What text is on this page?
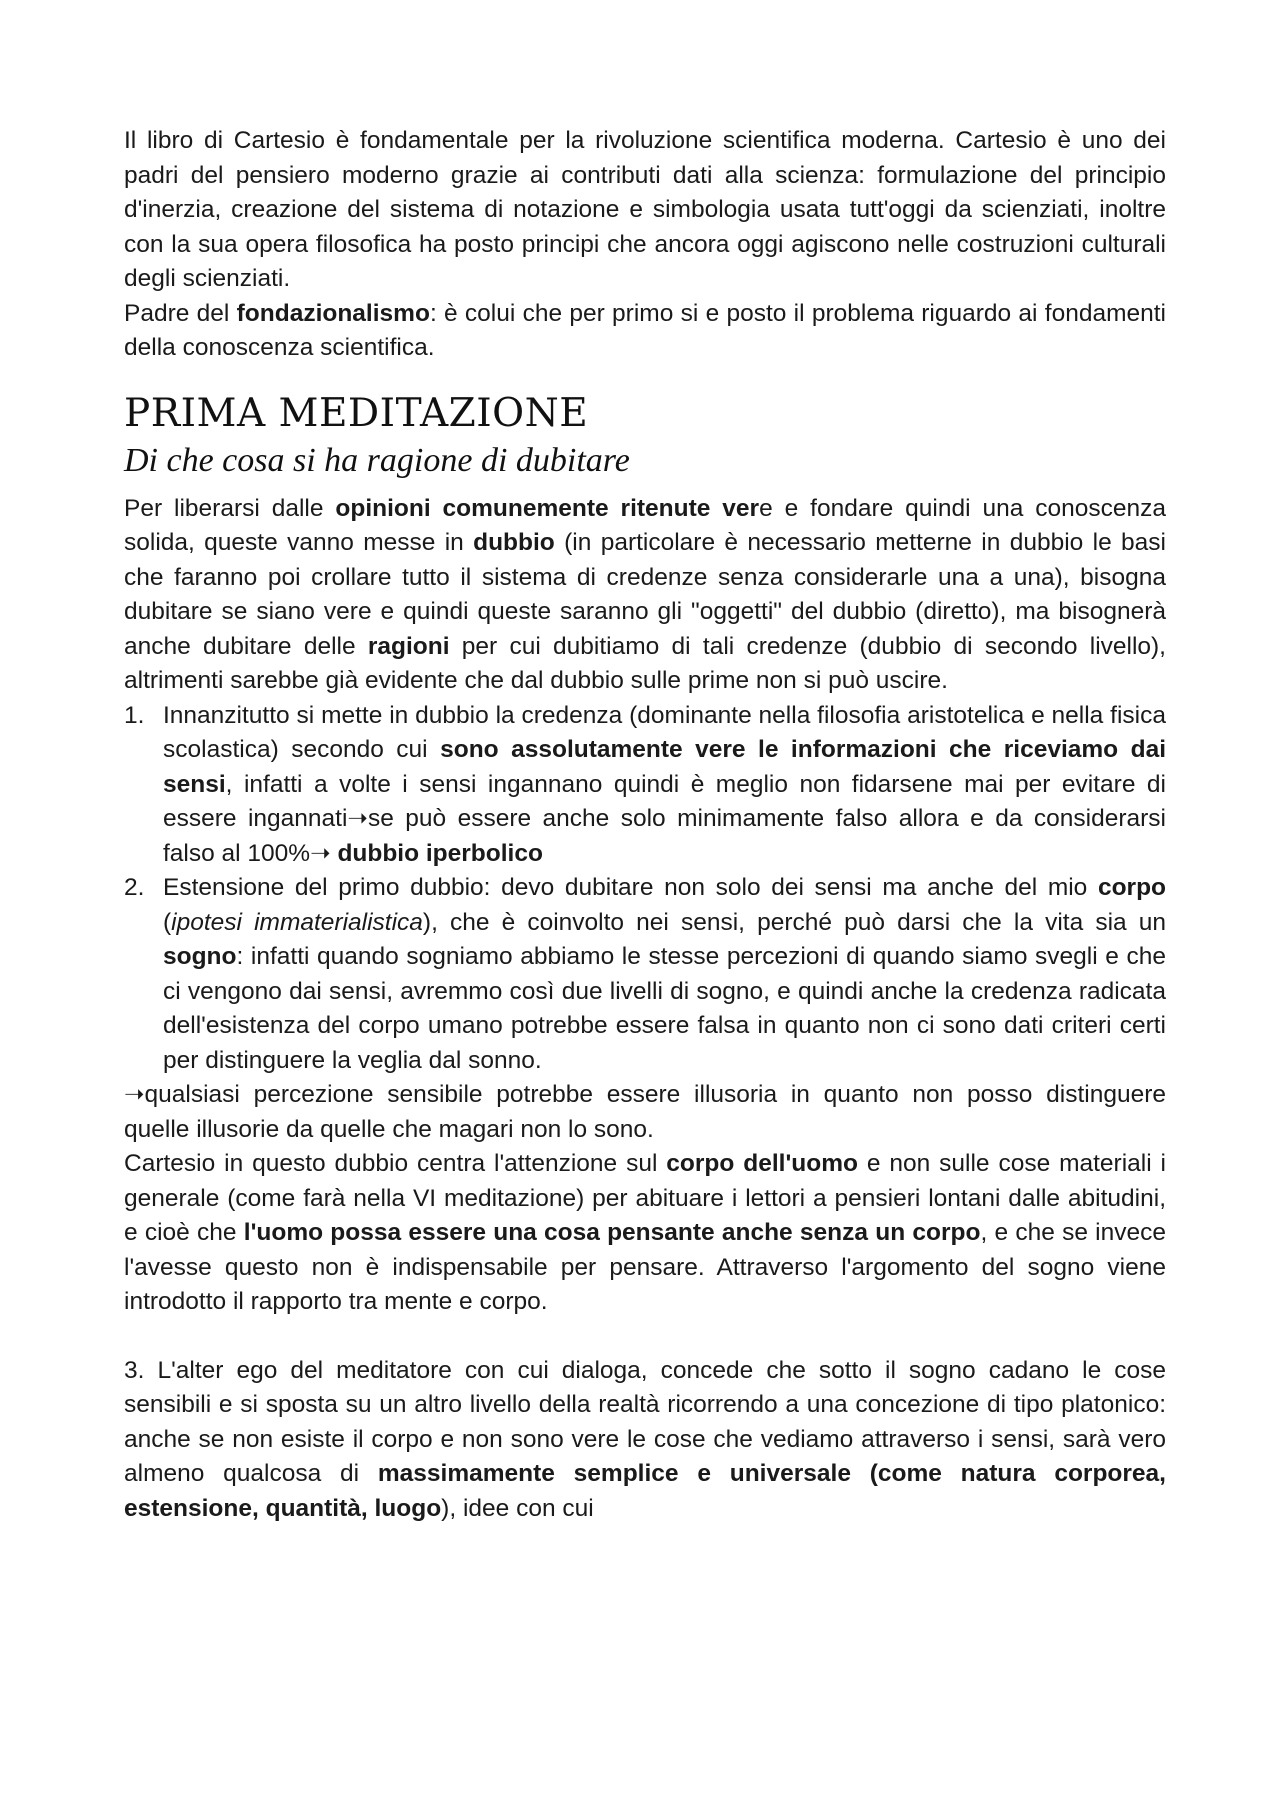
Il libro di Cartesio è fondamentale per la rivoluzione scientifica moderna. Cartesio è uno dei padri del pensiero moderno grazie ai contributi dati alla scienza: formulazione del principio d'inerzia, creazione del sistema di notazione e simbologia usata tutt'oggi da scienziati, inoltre con la sua opera filosofica ha posto principi che ancora oggi agiscono nelle costruzioni culturali degli scienziati.
Padre del fondazionalismo: è colui che per primo si e posto il problema riguardo ai fondamenti della conoscenza scientifica.

PRIMA MEDITAZIONE
Di che cosa si ha ragione di dubitare

Per liberarsi dalle opinioni comunemente ritenute vere e fondare quindi una conoscenza solida, queste vanno messe in dubbio (in particolare è necessario metterne in dubbio le basi che faranno poi crollare tutto il sistema di credenze senza considerarle una a una), bisogna dubitare se siano vere e quindi queste saranno gli "oggetti" del dubbio (diretto), ma bisognerà anche dubitare delle ragioni per cui dubitiamo di tali credenze (dubbio di secondo livello), altrimenti sarebbe già evidente che dal dubbio sulle prime non si può uscire.

1. Innanzitutto si mette in dubbio la credenza (dominante nella filosofia aristotelica e nella fisica scolastica) secondo cui sono assolutamente vere le informazioni che riceviamo dai sensi, infatti a volte i sensi ingannano quindi è meglio non fidarsene mai per evitare di essere ingannati➝se può essere anche solo minimamente falso allora e da considerarsi falso al 100%➝ dubbio iperbolico
2. Estensione del primo dubbio: devo dubitare non solo dei sensi ma anche del mio corpo (ipotesi immaterialistica), che è coinvolto nei sensi, perché può darsi che la vita sia un sogno: infatti quando sogniamo abbiamo le stesse percezioni di quando siamo svegli e che ci vengono dai sensi, avremmo così due livelli di sogno, e quindi anche la credenza radicata dell'esistenza del corpo umano potrebbe essere falsa in quanto non ci sono dati criteri certi per distinguere la veglia dal sonno.

➝qualsiasi percezione sensibile potrebbe essere illusoria in quanto non posso distinguere quelle illusorie da quelle che magari non lo sono.

Cartesio in questo dubbio centra l'attenzione sul corpo dell'uomo e non sulle cose materiali i generale (come farà nella VI meditazione) per abituare i lettori a pensieri lontani dalle abitudini, e cioè che l'uomo possa essere una cosa pensante anche senza un corpo, e che se invece l'avesse questo non è indispensabile per pensare. Attraverso l'argomento del sogno viene introdotto il rapporto tra mente e corpo.

3. L'alter ego del meditatore con cui dialoga, concede che sotto il sogno cadano le cose sensibili e si sposta su un altro livello della realtà ricorrendo a una concezione di tipo platonico: anche se non esiste il corpo e non sono vere le cose che vediamo attraverso i sensi, sarà vero almeno qualcosa di massimamente semplice e universale (come natura corporea, estensione, quantità, luogo), idee con cui
